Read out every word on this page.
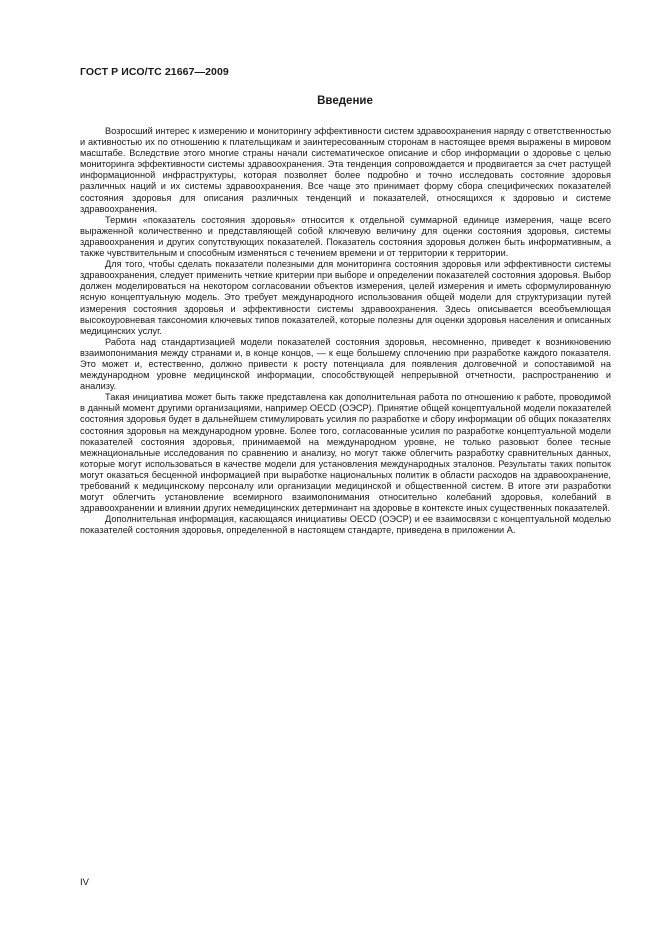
ГОСТ Р ИСО/ТС 21667—2009
Введение

Возросший интерес к измерению и мониторингу эффективности систем здравоохранения наряду с ответственностью и активностью их по отношению к плательщикам и заинтересованным сторонам в настоящее время выражены в мировом масштабе. Вследствие этого многие страны начали систематическое описание и сбор информации о здоровье с целью мониторинга эффективности системы здравоохранения. Эта тенденция сопровождается и продвигается за счет растущей информационной инфраструктуры, которая позволяет более подробно и точно исследовать состояние здоровья различных наций и их системы здравоохранения. Все чаще это принимает форму сбора специфических показателей состояния здоровья для описания различных тенденций и показателей, относящихся к здоровью и системе здравоохранения.

Термин «показатель состояния здоровья» относится к отдельной суммарной единице измерения, чаще всего выраженной количественно и представляющей собой ключевую величину для оценки состояния здоровья, системы здравоохранения и других сопутствующих показателей. Показатель состояния здоровья должен быть информативным, а также чувствительным и способным изменяться с течением времени и от территории к территории.

Для того, чтобы сделать показатели полезными для мониторинга состояния здоровья или эффективности системы здравоохранения, следует применить четкие критерии при выборе и определении показателей состояния здоровья. Выбор должен моделироваться на некотором согласовании объектов измерения, целей измерения и иметь сформулированную ясную концептуальную модель. Это требует международного использования общей модели для структуризации путей измерения состояния здоровья и эффективности системы здравоохранения. Здесь описывается всеобъемлющая высокоуровневая таксономия ключевых типов показателей, которые полезны для оценки здоровья населения и описанных медицинских услуг.

Работа над стандартизацией модели показателей состояния здоровья, несомненно, приведет к возникновению взаимопонимания между странами и, в конце концов, — к еще большему сплочению при разработке каждого показателя. Это может и, естественно, должно привести к росту потенциала для появления долговечной и сопоставимой на международном уровне медицинской информации, способствующей непрерывной отчетности, распространению и анализу.

Такая инициатива может быть также представлена как дополнительная работа по отношению к работе, проводимой в данный момент другими организациями, например OECD (ОЭСР). Принятие общей концептуальной модели показателей состояния здоровья будет в дальнейшем стимулировать усилия по разработке и сбору информации об общих показателях состояния здоровья на международном уровне. Более того, согласованные усилия по разработке концептуальной модели показателей состояния здоровья, принимаемой на международном уровне, не только разовьют более тесные межнациональные исследования по сравнению и анализу, но могут также облегчить разработку сравнительных данных, которые могут использоваться в качестве модели для установления международных эталонов. Результаты таких попыток могут оказаться бесценной информацией при выработке национальных политик в области расходов на здравоохранение, требований к медицинскому персоналу или организации медицинской и общественной систем. В итоге эти разработки могут облегчить установление всемирного взаимопонимания относительно колебаний здоровья, колебаний в здравоохранении и влиянии других немедицинских детерминант на здоровье в контексте иных существенных показателей.

Дополнительная информация, касающаяся инициативы OECD (ОЭСР) и ее взаимосвязи с концептуальной моделью показателей состояния здоровья, определенной в настоящем стандарте, приведена в приложении А.

IV
